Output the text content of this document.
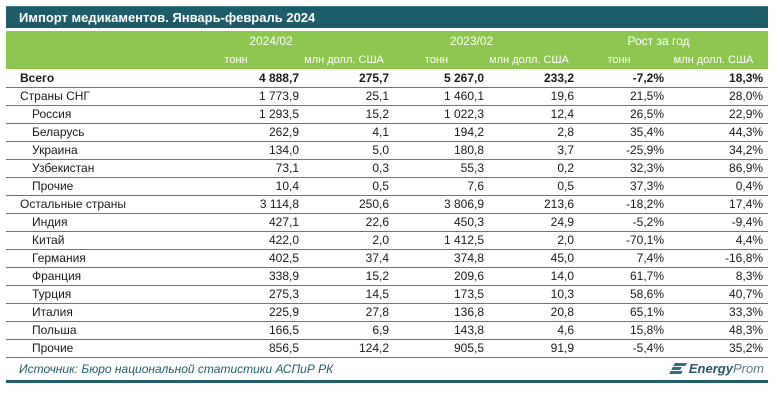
Импорт медикаментов. Январь-февраль 2024
	2024/02		2023/02		Рост за год	
	тонн	млн долл. США	тонн	млн долл. США	тонн	млн долл. США
Всего	4 888,7	275,7	5 267,0	233,2	-7,2%	18,3%
Страны СНГ	1 773,9	25,1	1 460,1	19,6	21,5%	28,0%
Россия	1 293,5	15,2	1 022,3	12,4	26,5%	22,9%
Беларусь	262,9	4,1	194,2	2,8	35,4%	44,3%
Украина	134,0	5,0	180,8	3,7	-25,9%	34,2%
Узбекистан	73,1	0,3	55,3	0,2	32,3%	86,9%
Прочие	10,4	0,5	7,6	0,5	37,3%	0,4%
Остальные страны	3 114,8	250,6	3 806,9	213,6	-18,2%	17,4%
Индия	427,1	22,6	450,3	24,9	-5,2%	-9,4%
Китай	422,0	2,0	1 412,5	2,0	-70,1%	4,4%
Германия	402,5	37,4	374,8	45,0	7,4%	-16,8%
Франция	338,9	15,2	209,6	14,0	61,7%	8,3%
Турция	275,3	14,5	173,5	10,3	58,6%	40,7%
Италия	225,9	27,8	136,8	20,8	65,1%	33,3%
Польша	166,5	6,9	143,8	4,6	15,8%	48,3%
Прочие	856,5	124,2	905,5	91,9	-5,4%	35,2%
Источник: Бюро национальной статистики АСПиР РК	Energy Prom
